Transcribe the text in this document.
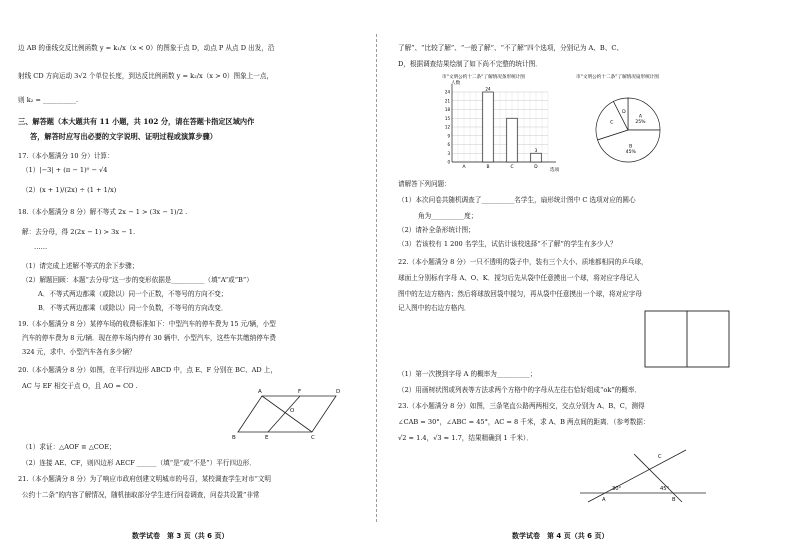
边 AB 的垂线交反比例函数 y = k₁/x（x < 0）的图象于点 D，动点 P 从点 D 出发，沿
射线 CD 方向运动 3√2 个单位长度，到达反比例函数 y = k₂/x（x > 0）图象上一点，
则 k₂ = __________.
三、解答题（本大题共有 11 小题，共 102 分，请在答题卡指定区域内作
答，解答时应写出必要的文字说明、证明过程或演算步骤）
17.（本小题满分 10 分）计算：
（1）|−3| + (π − 1)⁰ − √4
（2）(x + 1)/(2x) ÷ (1 + 1/x)
18.（本小题满分 8 分）解不等式 2x − 1 > (3x − 1)/2 .
解：去分母，得 2(2x − 1) > 3x − 1.
……
（1）请完成上述解不等式的余下步骤；
（2）解题回顾：本题“去分母”这一步的变形依据是__________（填“A”或“B”）
A．不等式两边都乘（或除以）同一个正数，不等号的方向不变；
B．不等式两边都乘（或除以）同一个负数，不等号的方向改变．
19.（本小题满分 8 分）某停车场的收费标准如下：中型汽车的停车费为 15 元/辆，小型
汽车的停车费为 8 元/辆．现在停车场内停有 30 辆中、小型汽车，这些车共缴纳停车费
324 元，求中、小型汽车各有多少辆？
20.（本小题满分 8 分）如图，在平行四边形 ABCD 中，点 E、F 分别在 BC、AD 上，
AC 与 EF 相交于点 O，且 AO = CO .
（1）求证：△AOF ≌ △COE；
（2）连接 AE、CF，则四边形 AECF ______（填“是”或“不是”）平行四边形．
21.（本小题满分 8 分）为了响应市政府创建文明城市的号召，某校调查学生对市“文明
公约十二条”的内容了解情况，随机抽取部分学生进行问卷调查，问卷共设置“非常
A	F	D
O
B	E	C
数学试卷　第 3 页（共 6 页）
了解”、“比较了解”、“一般了解”、“不了解”四个选项，分别记为 A、B、C、
D，根据调查结果绘制了如下尚不完整的统计图．
市“文明公约十二条”了解情况条形统计图
0
3
6
9
12
15
18
21
24
A	B	C	D
24
3
人数
选项
市“文明公约十二条”了解情况扇形统计图
A
25%
B
45%
C
D
请解答下列问题：
（1）本次问卷共随机调查了__________名学生，扇形统计图中 C 选项对应的圆心
角为__________度；
（2）请补全条形统计图；
（3）若该校有 1 200 名学生，试估计该校选择“不了解”的学生有多少人？
22.（本小题满分 8 分）一只不透明的袋子中，装有三个大小、质地都相同的乒乓球，
球面上分别标有字母 A、O、K．搅匀后先从袋中任意摸出一个球，将对应字母记入
图中的左边方格内；然后将球放回袋中搅匀，再从袋中任意摸出一个球，将对应字母
记入图中的右边方格内．
（1）第一次摸到字母 A 的概率为__________；
（2）用画树状图或列表等方法求两个方格中的字母从左往右恰好组成“ok”的概率．
23.（本小题满分 8 分）如图，三条笔直公路两两相交，交点分别为 A、B、C，测得
∠CAB = 30°，∠ABC = 45°，AC = 8 千米，求 A、B 两点间的距离．（参考数据：
√2 ≈ 1.4，√3 ≈ 1.7，结果精确到 1 千米）．
C
30°	45°
A	B
数学试卷　第 4 页（共 6 页）
